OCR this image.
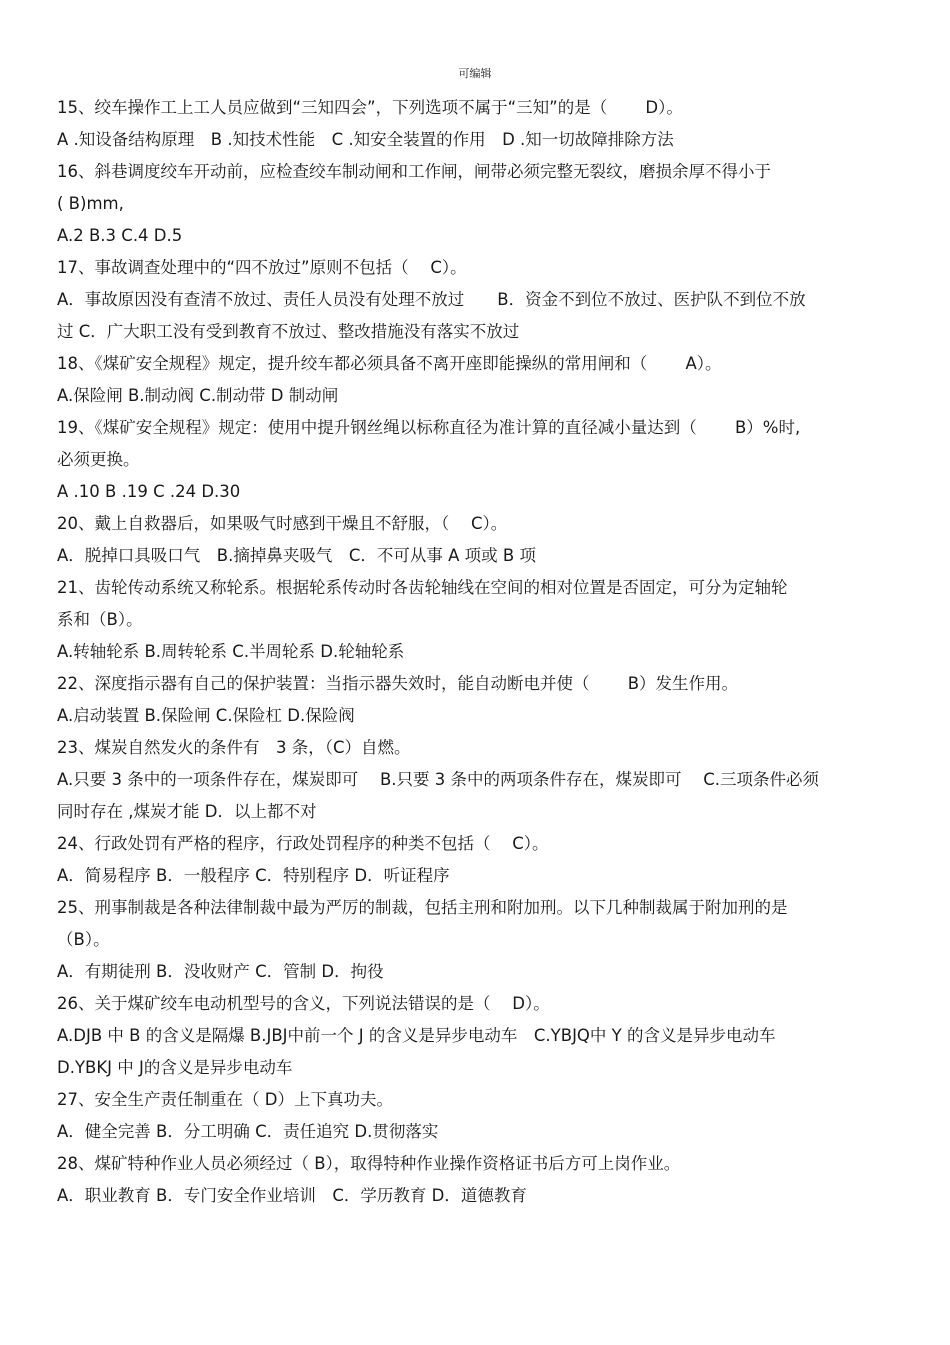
可编辑
15、绞车操作工上工人员应做到“三知四会”，下列选项不属于“三知”的是（　　 D）。
A .知设备结构原理　B .知技术性能　C .知安全装置的作用　D .知一切故障排除方法
16、斜巷调度绞车开动前，应检查绞车制动闸和工作闸，闸带必须完整无裂纹，磨损余厚不得小于
( B)mm,
A.2 B.3 C.4 D.5
17、事故调查处理中的“四不放过”原则不包括（　 C）。
A．事故原因没有查清不放过、责任人员没有处理不放过　　B．资金不到位不放过、医护队不到位不放
过 C．广大职工没有受到教育不放过、整改措施没有落实不放过
18、《煤矿安全规程》规定，提升绞车都必须具备不离开座即能操纵的常用闸和（　　 A）。
A.保险闸 B.制动阀 C.制动带 D 制动闸
19、《煤矿安全规程》规定：使用中提升钢丝绳以标称直径为准计算的直径减小量达到（　　 B）%时,
必须更换。
A .10 B .19 C .24 D.30
20、戴上自救器后，如果吸气时感到干燥且不舒服，（　 C）。
A．脱掉口具吸口气　B.摘掉鼻夹吸气　C．不可从事 A 项或 B 项
21、齿轮传动系统又称轮系。根据轮系传动时各齿轮轴线在空间的相对位置是否固定，可分为定轴轮
系和（B）。
A.转轴轮系 B.周转轮系 C.半周轮系 D.轮轴轮系
22、深度指示器有自己的保护装置：当指示器失效时，能自动断电并使（　　 B）发生作用。
A.启动装置 B.保险闸 C.保险杠 D.保险阀
23、煤炭自然发火的条件有　3 条，（C）自燃。
A.只要 3 条中的一项条件存在，煤炭即可　 B.只要 3 条中的两项条件存在，煤炭即可　 C.三项条件必须
同时存在 ,煤炭才能 D．以上都不对
24、行政处罚有严格的程序，行政处罚程序的种类不包括（　 C）。
A．简易程序 B．一般程序 C．特别程序 D．听证程序
25、刑事制裁是各种法律制裁中最为严厉的制裁，包括主刑和附加刑。以下几种制裁属于附加刑的是
（B）。
A．有期徒刑 B．没收财产 C．管制 D．拘役
26、关于煤矿绞车电动机型号的含义，下列说法错误的是（　 D）。
A.DJB 中 B 的含义是隔爆 B.JBJ中前一个 J 的含义是异步电动车　C.YBJQ中 Y 的含义是异步电动车
D.YBKJ 中 J的含义是异步电动车
27、安全生产责任制重在（ D）上下真功夫。
A．健全完善 B．分工明确 C．责任追究 D.贯彻落实
28、煤矿特种作业人员必须经过（ B），取得特种作业操作资格证书后方可上岗作业。
A．职业教育 B．专门安全作业培训　C．学历教育 D．道德教育
